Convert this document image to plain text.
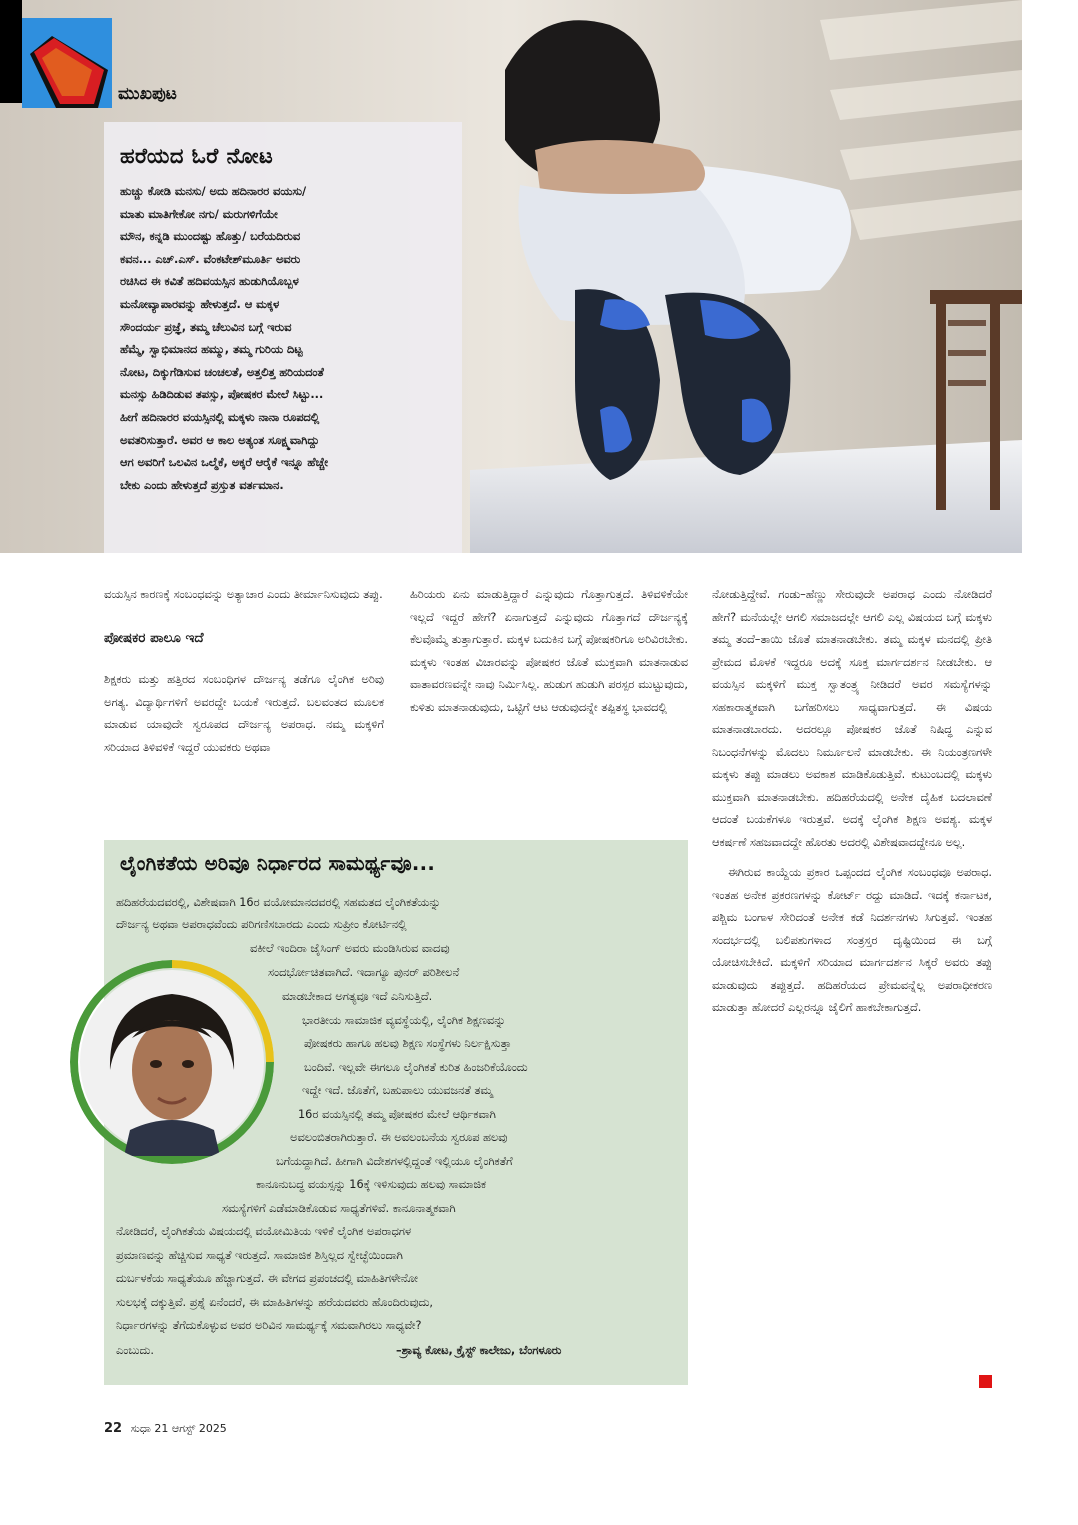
ಮುಖಪುಟ
ಹರೆಯದ ಓರೆ ನೋಟ
ಹುಚ್ಚು ಕೋಡಿ ಮನಸು/ ಅದು ಹದಿನಾರರ ವಯಸು/
ಮಾತು ಮಾತಿಗೇಕೋ ನಗು/ ಮರುಗಳಿಗೆಯೇ
ಮೌನ, ಕನ್ನಡಿ ಮುಂದಷ್ಟು ಹೊತ್ತು/ ಬರೆಯದಿರುವ
ಕವನ... ಎಚ್.ಎಸ್. ವೆಂಕಟೇಶ್‌ಮೂರ್ತಿ ಅವರು
ರಚಿಸಿದ ಈ ಕವಿತೆ ಹದಿವಯಸ್ಸಿನ ಹುಡುಗಿಯೊಬ್ಬಳ
ಮನೋವ್ಯಾಪಾರವನ್ನು ಹೇಳುತ್ತದೆ. ಆ ಮಕ್ಕಳ
ಸೌಂದರ್ಯ ಪ್ರಜ್ಞೆ, ತಮ್ಮ ಚೆಲುವಿನ ಬಗ್ಗೆ ಇರುವ
ಹೆಮ್ಮೆ, ಸ್ವಾಭಿಮಾನದ ಹಮ್ಮು, ತಮ್ಮ ಗುರಿಯ ದಿಟ್ಟ
ನೋಟ, ದಿಕ್ಕುಗೆಡಿಸುವ ಚಂಚಲತೆ, ಅತ್ತಲಿತ್ತ ಹರಿಯದಂತೆ
ಮನಸ್ಸು ಹಿಡಿದಿಡುವ ತಪಸ್ಸು, ಪೋಷಕರ ಮೇಲೆ ಸಿಟ್ಟು...
ಹೀಗೆ ಹದಿನಾರರ ವಯಸ್ಸಿನಲ್ಲಿ ಮಕ್ಕಳು ನಾನಾ ರೂಪದಲ್ಲಿ
ಅವತರಿಸುತ್ತಾರೆ. ಅವರ ಆ ಕಾಲ ಅತ್ಯಂತ ಸೂಕ್ಷ್ಮವಾಗಿದ್ದು
ಆಗ ಅವರಿಗೆ ಒಲವಿನ ಒಲ್ಮೆಕೆ, ಅಕ್ಕರೆ ಆರೈಕೆ ಇನ್ನೂ ಹೆಚ್ಚೇ
ಬೇಕು ಎಂದು ಹೇಳುತ್ತದೆ ಪ್ರಸ್ತುತ ವರ್ತಮಾನ.

ವಯಸ್ಸಿನ ಕಾರಣಕ್ಕೆ ಸಂಬಂಧವನ್ನು ಅತ್ಯಾಚಾರ ಎಂದು ತೀರ್ಮಾನಿಸುವುದು ತಪ್ಪು.

ಪೋಷಕರ ಪಾಲೂ ಇದೆ

ಶಿಕ್ಷಕರು ಮತ್ತು ಹತ್ತಿರದ ಸಂಬಂಧಿಗಳ ದೌರ್ಜನ್ಯ ತಡೆಗೂ ಲೈಂಗಿಕ ಅರಿವು ಅಗತ್ಯ. ವಿದ್ಯಾರ್ಥಿಗಳಿಗೆ ಅವರದ್ದೇ ಬಯಕೆ ಇರುತ್ತದೆ. ಬಲವಂತದ ಮೂಲಕ ಮಾಡುವ ಯಾವುದೇ ಸ್ವರೂಪದ ದೌರ್ಜನ್ಯ ಅಪರಾಧ. ನಮ್ಮ ಮಕ್ಕಳಿಗೆ ಸರಿಯಾದ ತಿಳಿವಳಿಕೆ ಇದ್ದರೆ ಯುವಕರು ಅಥವಾ

ಹಿರಿಯರು ಏನು ಮಾಡುತ್ತಿದ್ದಾರೆ ಎನ್ನುವುದು ಗೊತ್ತಾಗುತ್ತದೆ. ತಿಳಿವಳಿಕೆಯೇ ಇಲ್ಲದೆ ಇದ್ದರೆ ಹೇಗೆ? ಏನಾಗುತ್ತದೆ ಎನ್ನುವುದು ಗೊತ್ತಾಗದೆ ದೌರ್ಜನ್ಯಕ್ಕೆ ಕೆಲವೊಮ್ಮೆ ತುತ್ತಾಗುತ್ತಾರೆ. ಮಕ್ಕಳ ಬದುಕಿನ ಬಗ್ಗೆ ಪೋಷಕರಿಗೂ ಅರಿವಿರಬೇಕು. ಮಕ್ಕಳು ಇಂತಹ ವಿಚಾರವನ್ನು ಪೋಷಕರ ಜೊತೆ ಮುಕ್ತವಾಗಿ ಮಾತನಾಡುವ ವಾತಾವರಣವನ್ನೇ ನಾವು ನಿರ್ಮಿಸಿಲ್ಲ. ಹುಡುಗ ಹುಡುಗಿ ಪರಸ್ಪರ ಮುಟ್ಟುವುದು, ಕುಳಿತು ಮಾತನಾಡುವುದು, ಒಟ್ಟಿಗೆ ಆಟ ಆಡುವುದನ್ನೇ ತಪ್ಪಿತಸ್ಥ ಭಾವದಲ್ಲಿ

ನೋಡುತ್ತಿದ್ದೇವೆ. ಗಂಡು–ಹೆಣ್ಣು ಸೇರುವುದೇ ಅಪರಾಧ ಎಂದು ನೋಡಿದರೆ ಹೇಗೆ? ಮನೆಯಲ್ಲೇ ಆಗಲಿ ಸಮಾಜದಲ್ಲೇ ಆಗಲಿ ಎಲ್ಲ ವಿಷಯದ ಬಗ್ಗೆ ಮಕ್ಕಳು ತಮ್ಮ ತಂದೆ–ತಾಯಿ ಜೊತೆ ಮಾತನಾಡಬೇಕು. ತಮ್ಮ ಮಕ್ಕಳ ಮನದಲ್ಲಿ ಪ್ರೀತಿ ಪ್ರೇಮದ ಮೊಳಕೆ ಇದ್ದರೂ ಅದಕ್ಕೆ ಸೂಕ್ತ ಮಾರ್ಗದರ್ಶನ ನೀಡಬೇಕು. ಆ ವಯಸ್ಸಿನ ಮಕ್ಕಳಿಗೆ ಮುಕ್ತ ಸ್ವಾತಂತ್ರ್ಯ ನೀಡಿದರೆ ಅವರ ಸಮಸ್ಯೆಗಳನ್ನು ಸಹಕಾರಾತ್ಮಕವಾಗಿ ಬಗೆಹರಿಸಲು ಸಾಧ್ಯವಾಗುತ್ತದೆ. ಈ ವಿಷಯ ಮಾತನಾಡಬಾರದು. ಅದರಲ್ಲೂ ಪೋಷಕರ ಜೊತೆ ನಿಷಿದ್ಧ ಎನ್ನುವ ನಿಬಂಧನೆಗಳನ್ನು ಮೊದಲು ನಿರ್ಮೂಲನೆ ಮಾಡಬೇಕು. ಈ ನಿಯಂತ್ರಣಗಳೇ ಮಕ್ಕಳು ತಪ್ಪು ಮಾಡಲು ಅವಕಾಶ ಮಾಡಿಕೊಡುತ್ತಿವೆ. ಕುಟುಂಬದಲ್ಲಿ ಮಕ್ಕಳು ಮುಕ್ತವಾಗಿ ಮಾತನಾಡಬೇಕು. ಹದಿಹರೆಯದಲ್ಲಿ ಅನೇಕ ದೈಹಿಕ ಬದಲಾವಣೆ ಆದಂತೆ ಬಯಕೆಗಳೂ ಇರುತ್ತವೆ. ಅದಕ್ಕೆ ಲೈಂಗಿಕ ಶಿಕ್ಷಣ ಅವಶ್ಯ. ಮಕ್ಕಳ ಆಕರ್ಷಣೆ ಸಹಜವಾದದ್ದೇ ಹೊರತು ಅದರಲ್ಲಿ ವಿಶೇಷವಾದದ್ದೇನೂ ಅಲ್ಲ.

ಈಗಿರುವ ಕಾಯ್ದೆಯ ಪ್ರಕಾರ ಒಪ್ಪಂದದ ಲೈಂಗಿಕ ಸಂಬಂಧವೂ ಅಪರಾಧ. ಇಂತಹ ಅನೇಕ ಪ್ರಕರಣಗಳನ್ನು ಕೋರ್ಟ್ ರದ್ದು ಮಾಡಿದೆ. ಇದಕ್ಕೆ ಕರ್ನಾಟಕ, ಪಶ್ಚಿಮ ಬಂಗಾಳ ಸೇರಿದಂತೆ ಅನೇಕ ಕಡೆ ನಿದರ್ಶನಗಳು ಸಿಗುತ್ತವೆ. ಇಂತಹ ಸಂದರ್ಭದಲ್ಲಿ ಬಲಿಪಶುಗಳಾದ ಸಂತ್ರಸ್ತರ ದೃಷ್ಟಿಯಿಂದ ಈ ಬಗ್ಗೆ ಯೋಚಿಸಬೇಕಿದೆ. ಮಕ್ಕಳಿಗೆ ಸರಿಯಾದ ಮಾರ್ಗದರ್ಶನ ಸಿಕ್ಕರೆ ಅವರು ತಪ್ಪು ಮಾಡುವುದು ತಪ್ಪುತ್ತದೆ. ಹದಿಹರೆಯದ ಪ್ರೇಮವನ್ನೆಲ್ಲ ಅಪರಾಧೀಕರಣ ಮಾಡುತ್ತಾ ಹೋದರೆ ಎಲ್ಲರನ್ನೂ ಜೈಲಿಗೆ ಹಾಕಬೇಕಾಗುತ್ತದೆ.

ಲೈಂಗಿಕತೆಯ ಅರಿವೂ ನಿರ್ಧಾರದ ಸಾಮರ್ಥ್ಯವೂ...
ಹದಿಹರೆಯದವರಲ್ಲಿ, ವಿಶೇಷವಾಗಿ 16ರ ವಯೋಮಾನದವರಲ್ಲಿ ಸಹಮತದ ಲೈಂಗಿಕತೆಯನ್ನು
ದೌರ್ಜನ್ಯ ಅಥವಾ ಅಪರಾಧವೆಂದು ಪರಿಗಣಿಸಬಾರದು ಎಂದು ಸುಪ್ರೀಂ ಕೋರ್ಟಿನಲ್ಲಿ
ವಕೀಲೆ ಇಂದಿರಾ ಜೈಸಿಂಗ್ ಅವರು ಮಂಡಿಸಿರುವ ವಾದವು
ಸಂದರ್ಭೋಚಿತವಾಗಿದೆ. ಇದಾಗ್ಯೂ ಪುನರ್ ಪರಿಶೀಲನೆ
ಮಾಡಬೇಕಾದ ಅಗತ್ಯವೂ ಇದೆ ಎನಿಸುತ್ತಿದೆ.
ಭಾರತೀಯ ಸಾಮಾಜಿಕ ವ್ಯವಸ್ಥೆಯಲ್ಲಿ, ಲೈಂಗಿಕ ಶಿಕ್ಷಣವನ್ನು
ಪೋಷಕರು ಹಾಗೂ ಹಲವು ಶಿಕ್ಷಣ ಸಂಸ್ಥೆಗಳು ನಿರ್ಲಕ್ಷಿಸುತ್ತಾ
ಬಂದಿವೆ. ಇಲ್ಲವೇ ಈಗಲೂ ಲೈಂಗಿಕತೆ ಕುರಿತ ಹಿಂಜರಿಕೆಯೊಂದು
ಇದ್ದೇ ಇದೆ. ಜೊತೆಗೆ, ಬಹುಪಾಲು ಯುವಜನತೆ ತಮ್ಮ
16ರ ವಯಸ್ಸಿನಲ್ಲಿ ತಮ್ಮ ಪೋಷಕರ ಮೇಲೆ ಆರ್ಥಿಕವಾಗಿ
ಅವಲಂಬಿತರಾಗಿರುತ್ತಾರೆ. ಈ ಅವಲಂಬನೆಯ ಸ್ವರೂಪ ಹಲವು
ಬಗೆಯದ್ದಾಗಿದೆ. ಹೀಗಾಗಿ ವಿದೇಶಗಳಲ್ಲಿದ್ದಂತೆ ಇಲ್ಲಿಯೂ ಲೈಂಗಿಕತೆಗೆ
ಕಾನೂನುಬದ್ಧ ವಯಸ್ಸನ್ನು 16ಕ್ಕೆ ಇಳಿಸುವುದು ಹಲವು ಸಾಮಾಜಿಕ
ಸಮಸ್ಯೆಗಳಿಗೆ ಎಡೆಮಾಡಿಕೊಡುವ ಸಾಧ್ಯತೆಗಳಿವೆ. ಕಾನೂನಾತ್ಮಕವಾಗಿ
ನೋಡಿದರೆ, ಲೈಂಗಿಕತೆಯ ವಿಷಯದಲ್ಲಿ ವಯೋಮಿತಿಯ ಇಳಿಕೆ ಲೈಂಗಿಕ ಅಪರಾಧಗಳ
ಪ್ರಮಾಣವನ್ನು ಹೆಚ್ಚಿಸುವ ಸಾಧ್ಯತೆ ಇರುತ್ತದೆ. ಸಾಮಾಜಿಕ ಶಿಸ್ತಿಲ್ಲದ ಸ್ವೇಚ್ಛೆಯಿಂದಾಗಿ
ದುರ್ಬಳಕೆಯ ಸಾಧ್ಯತೆಯೂ ಹೆಚ್ಚಾಗುತ್ತದೆ. ಈ ವೇಗದ ಪ್ರಪಂಚದಲ್ಲಿ ಮಾಹಿತಿಗಳೇನೋ
ಸುಲಭಕ್ಕೆ ದಕ್ಕುತ್ತಿವೆ. ಪ್ರಶ್ನೆ ಏನೆಂದರೆ, ಈ ಮಾಹಿತಿಗಳನ್ನು ಹರೆಯದವರು ಹೊಂದಿರುವುದು,
ನಿರ್ಧಾರಗಳನ್ನು ತೆಗೆದುಕೊಳ್ಳುವ ಅವರ ಅರಿವಿನ ಸಾಮರ್ಥ್ಯಕ್ಕೆ ಸಮವಾಗಿರಲು ಸಾಧ್ಯವೇ?
ಎಂಬುದು.	–ಶ್ರಾವ್ಯ ಕೋಟ, ಕ್ರೈಸ್ಟ್ ಕಾಲೇಜು, ಬೆಂಗಳೂರು
22 ಸುಧಾ 21 ಆಗಸ್ಟ್ 2025
